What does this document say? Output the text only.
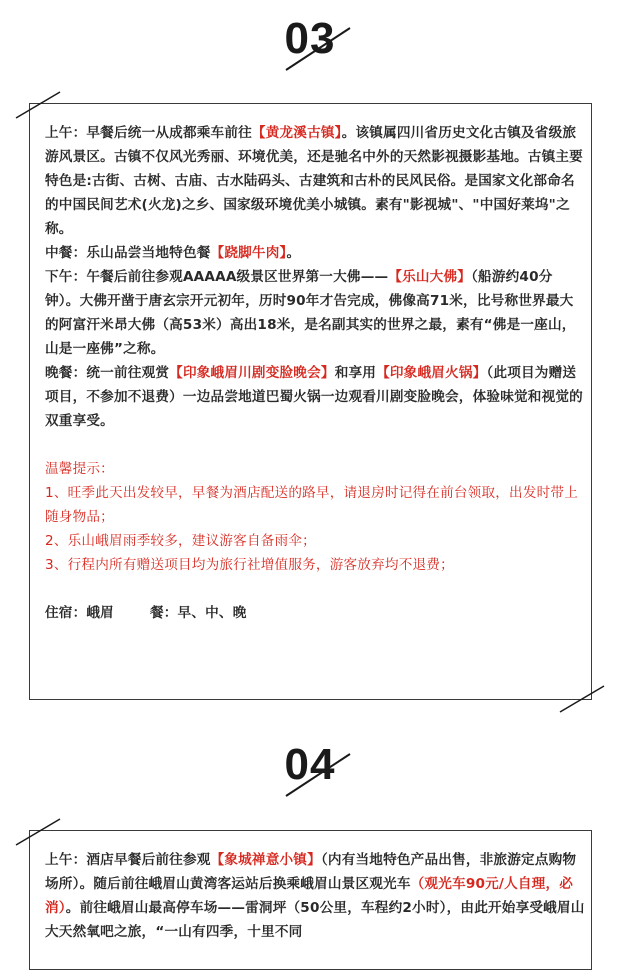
03

上午：早餐后统一从成都乘车前往【黄龙溪古镇】。该镇属四川省历史文化古镇及省级旅游风景区。古镇不仅风光秀丽、环境优美，还是驰名中外的天然影视摄影基地。古镇主要特色是:古街、古树、古庙、古水陆码头、古建筑和古朴的民风民俗。是国家文化部命名的中国民间艺术(火龙)之乡、国家级环境优美小城镇。素有"影视城"、"中国好莱坞"之称。

中餐：乐山品尝当地特色餐【跷脚牛肉】。

下午：午餐后前往参观AAAAA级景区世界第一大佛——【乐山大佛】（船游约40分钟）。大佛开凿于唐玄宗开元初年，历时90年才告完成，佛像高71米，比号称世界最大的阿富汗米昂大佛（高53米）高出18米，是名副其实的世界之最，素有“佛是一座山，山是一座佛”之称。

晚餐：统一前往观赏【印象峨眉川剧变脸晚会】和享用【印象峨眉火锅】（此项目为赠送项目，不参加不退费）一边品尝地道巴蜀火锅一边观看川剧变脸晚会，体验味觉和视觉的双重享受。

温馨提示：

1、旺季此天出发较早，早餐为酒店配送的路早，请退房时记得在前台领取，出发时带上随身物品；

2、乐山峨眉雨季较多，建议游客自备雨伞；

3、行程内所有赠送项目均为旅行社增值服务，游客放弃均不退费；

住宿：峨眉	餐：早、中、晚

04

上午：酒店早餐后前往参观【象城禅意小镇】（内有当地特色产品出售，非旅游定点购物场所）。随后前往峨眉山黄湾客运站后换乘峨眉山景区观光车（观光车90元/人自理，必消）。前往峨眉山最高停车场——雷洞坪（50公里，车程约2小时），由此开始享受峨眉山大天然氧吧之旅，“一山有四季，十里不同
